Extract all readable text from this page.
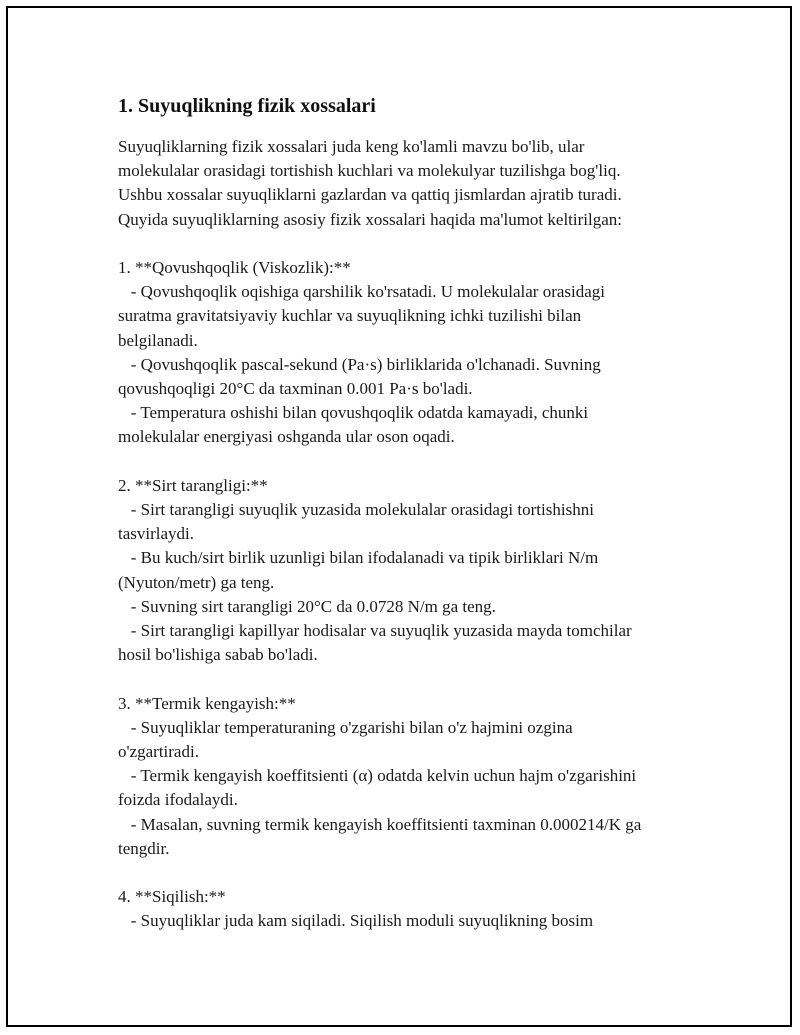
1. Suyuqlikning fizik xossalari

Suyuqliklarning fizik xossalari juda keng ko'lamli mavzu bo'lib, ular
molekulalar orasidagi tortishish kuchlari va molekulyar tuzilishga bog'liq.
Ushbu xossalar suyuqliklarni gazlardan va qattiq jismlardan ajratib turadi.
Quyida suyuqliklarning asosiy fizik xossalari haqida ma'lumot keltirilgan:

1. **Qovushqoqlik (Viskozlik):**

- Qovushqoqlik oqishiga qarshilik ko'rsatadi. U molekulalar orasidagi
suratma gravitatsiyaviy kuchlar va suyuqlikning ichki tuzilishi bilan
belgilanadi.
- Qovushqoqlik pascal-sekund (Pa·s) birliklarida o'lchanadi. Suvning
qovushqoqligi 20°C da taxminan 0.001 Pa·s bo'ladi.
- Temperatura oshishi bilan qovushqoqlik odatda kamayadi, chunki
molekulalar energiyasi oshganda ular oson oqadi.

2. **Sirt tarangligi:**

- Sirt tarangligi suyuqlik yuzasida molekulalar orasidagi tortishishni
tasvirlaydi.
- Bu kuch/sirt birlik uzunligi bilan ifodalanadi va tipik birliklari N/m
(Nyuton/metr) ga teng.
- Suvning sirt tarangligi 20°C da 0.0728 N/m ga teng.
- Sirt tarangligi kapillyar hodisalar va suyuqlik yuzasida mayda tomchilar
hosil bo'lishiga sabab bo'ladi.

3. **Termik kengayish:**

- Suyuqliklar temperaturaning o'zgarishi bilan o'z hajmini ozgina
o'zgartiradi.
- Termik kengayish koeffitsienti (α) odatda kelvin uchun hajm o'zgarishini
foizda ifodalaydi.
- Masalan, suvning termik kengayish koeffitsienti taxminan 0.000214/K ga
tengdir.

4. **Siqilish:**

- Suyuqliklar juda kam siqiladi. Siqilish moduli suyuqlikning bosim
